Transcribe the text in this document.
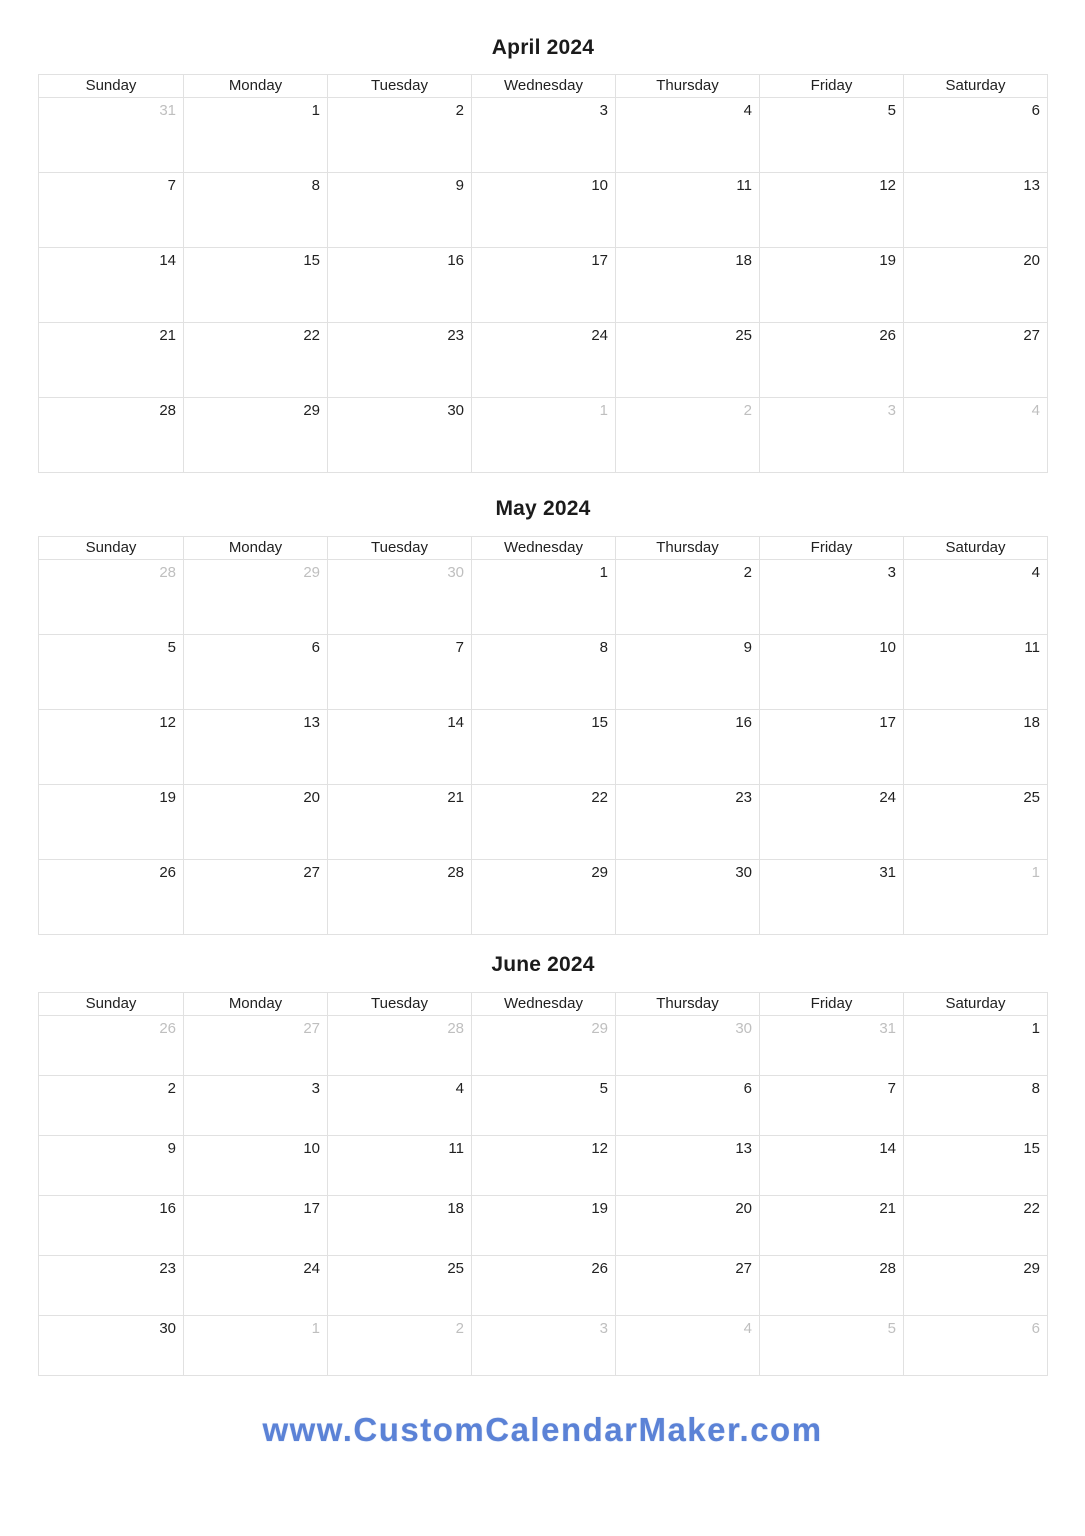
April 2024
Sunday	Monday	Tuesday	Wednesday	Thursday	Friday	Saturday
31	1	2	3	4	5	6
7	8	9	10	11	12	13
14	15	16	17	18	19	20
21	22	23	24	25	26	27
28	29	30	1	2	3	4
May 2024
Sunday	Monday	Tuesday	Wednesday	Thursday	Friday	Saturday
28	29	30	1	2	3	4
5	6	7	8	9	10	11
12	13	14	15	16	17	18
19	20	21	22	23	24	25
26	27	28	29	30	31	1
June 2024
Sunday	Monday	Tuesday	Wednesday	Thursday	Friday	Saturday
26	27	28	29	30	31	1
2	3	4	5	6	7	8
9	10	11	12	13	14	15
16	17	18	19	20	21	22
23	24	25	26	27	28	29
30	1	2	3	4	5	6
www.CustomCalendarMaker.com
